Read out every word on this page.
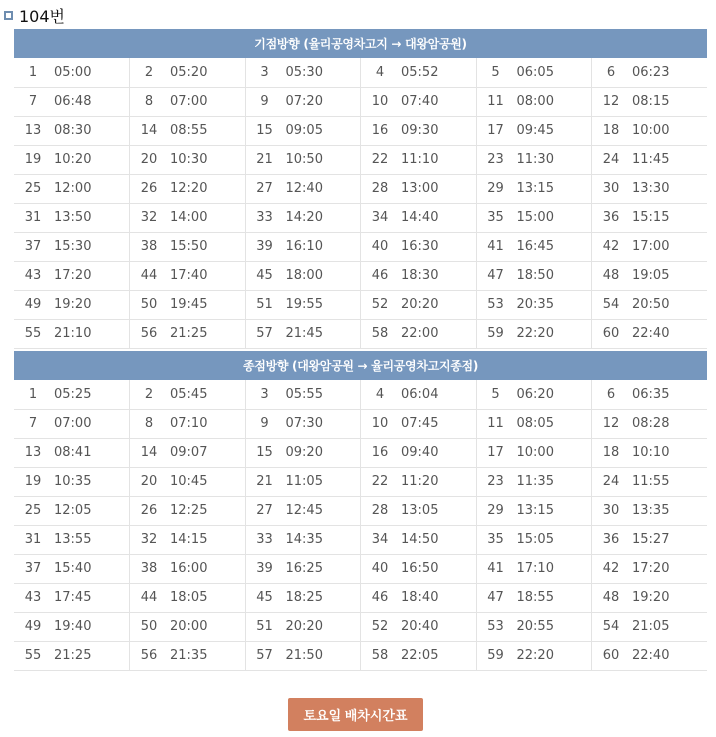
104번
기점방향 (율리공영차고지 → 대왕암공원)					

1 05:00	2 05:20	3 05:30	4 05:52	5 06:05	6 06:23

7 06:48	8 07:00	9 07:20	10 07:40	11 08:00	12 08:15

13 08:30	14 08:55	15 09:05	16 09:30	17 09:45	18 10:00

19 10:20	20 10:30	21 10:50	22 11:10	23 11:30	24 11:45

25 12:00	26 12:20	27 12:40	28 13:00	29 13:15	30 13:30

31 13:50	32 14:00	33 14:20	34 14:40	35 15:00	36 15:15

37 15:30	38 15:50	39 16:10	40 16:30	41 16:45	42 17:00

43 17:20	44 17:40	45 18:00	46 18:30	47 18:50	48 19:05

49 19:20	50 19:45	51 19:55	52 20:20	53 20:35	54 20:50

55 21:10	56 21:25	57 21:45	58 22:00	59 22:20	60 22:40
종점방향 (대왕암공원 → 율리공영차고지종점)					

1 05:25	2 05:45	3 05:55	4 06:04	5 06:20	6 06:35

7 07:00	8 07:10	9 07:30	10 07:45	11 08:05	12 08:28

13 08:41	14 09:07	15 09:20	16 09:40	17 10:00	18 10:10

19 10:35	20 10:45	21 11:05	22 11:20	23 11:35	24 11:55

25 12:05	26 12:25	27 12:45	28 13:05	29 13:15	30 13:35

31 13:55	32 14:15	33 14:35	34 14:50	35 15:05	36 15:27

37 15:40	38 16:00	39 16:25	40 16:50	41 17:10	42 17:20

43 17:45	44 18:05	45 18:25	46 18:40	47 18:55	48 19:20

49 19:40	50 20:00	51 20:20	52 20:40	53 20:55	54 21:05

55 21:25	56 21:35	57 21:50	58 22:05	59 22:20	60 22:40
토요일 배차시간표
